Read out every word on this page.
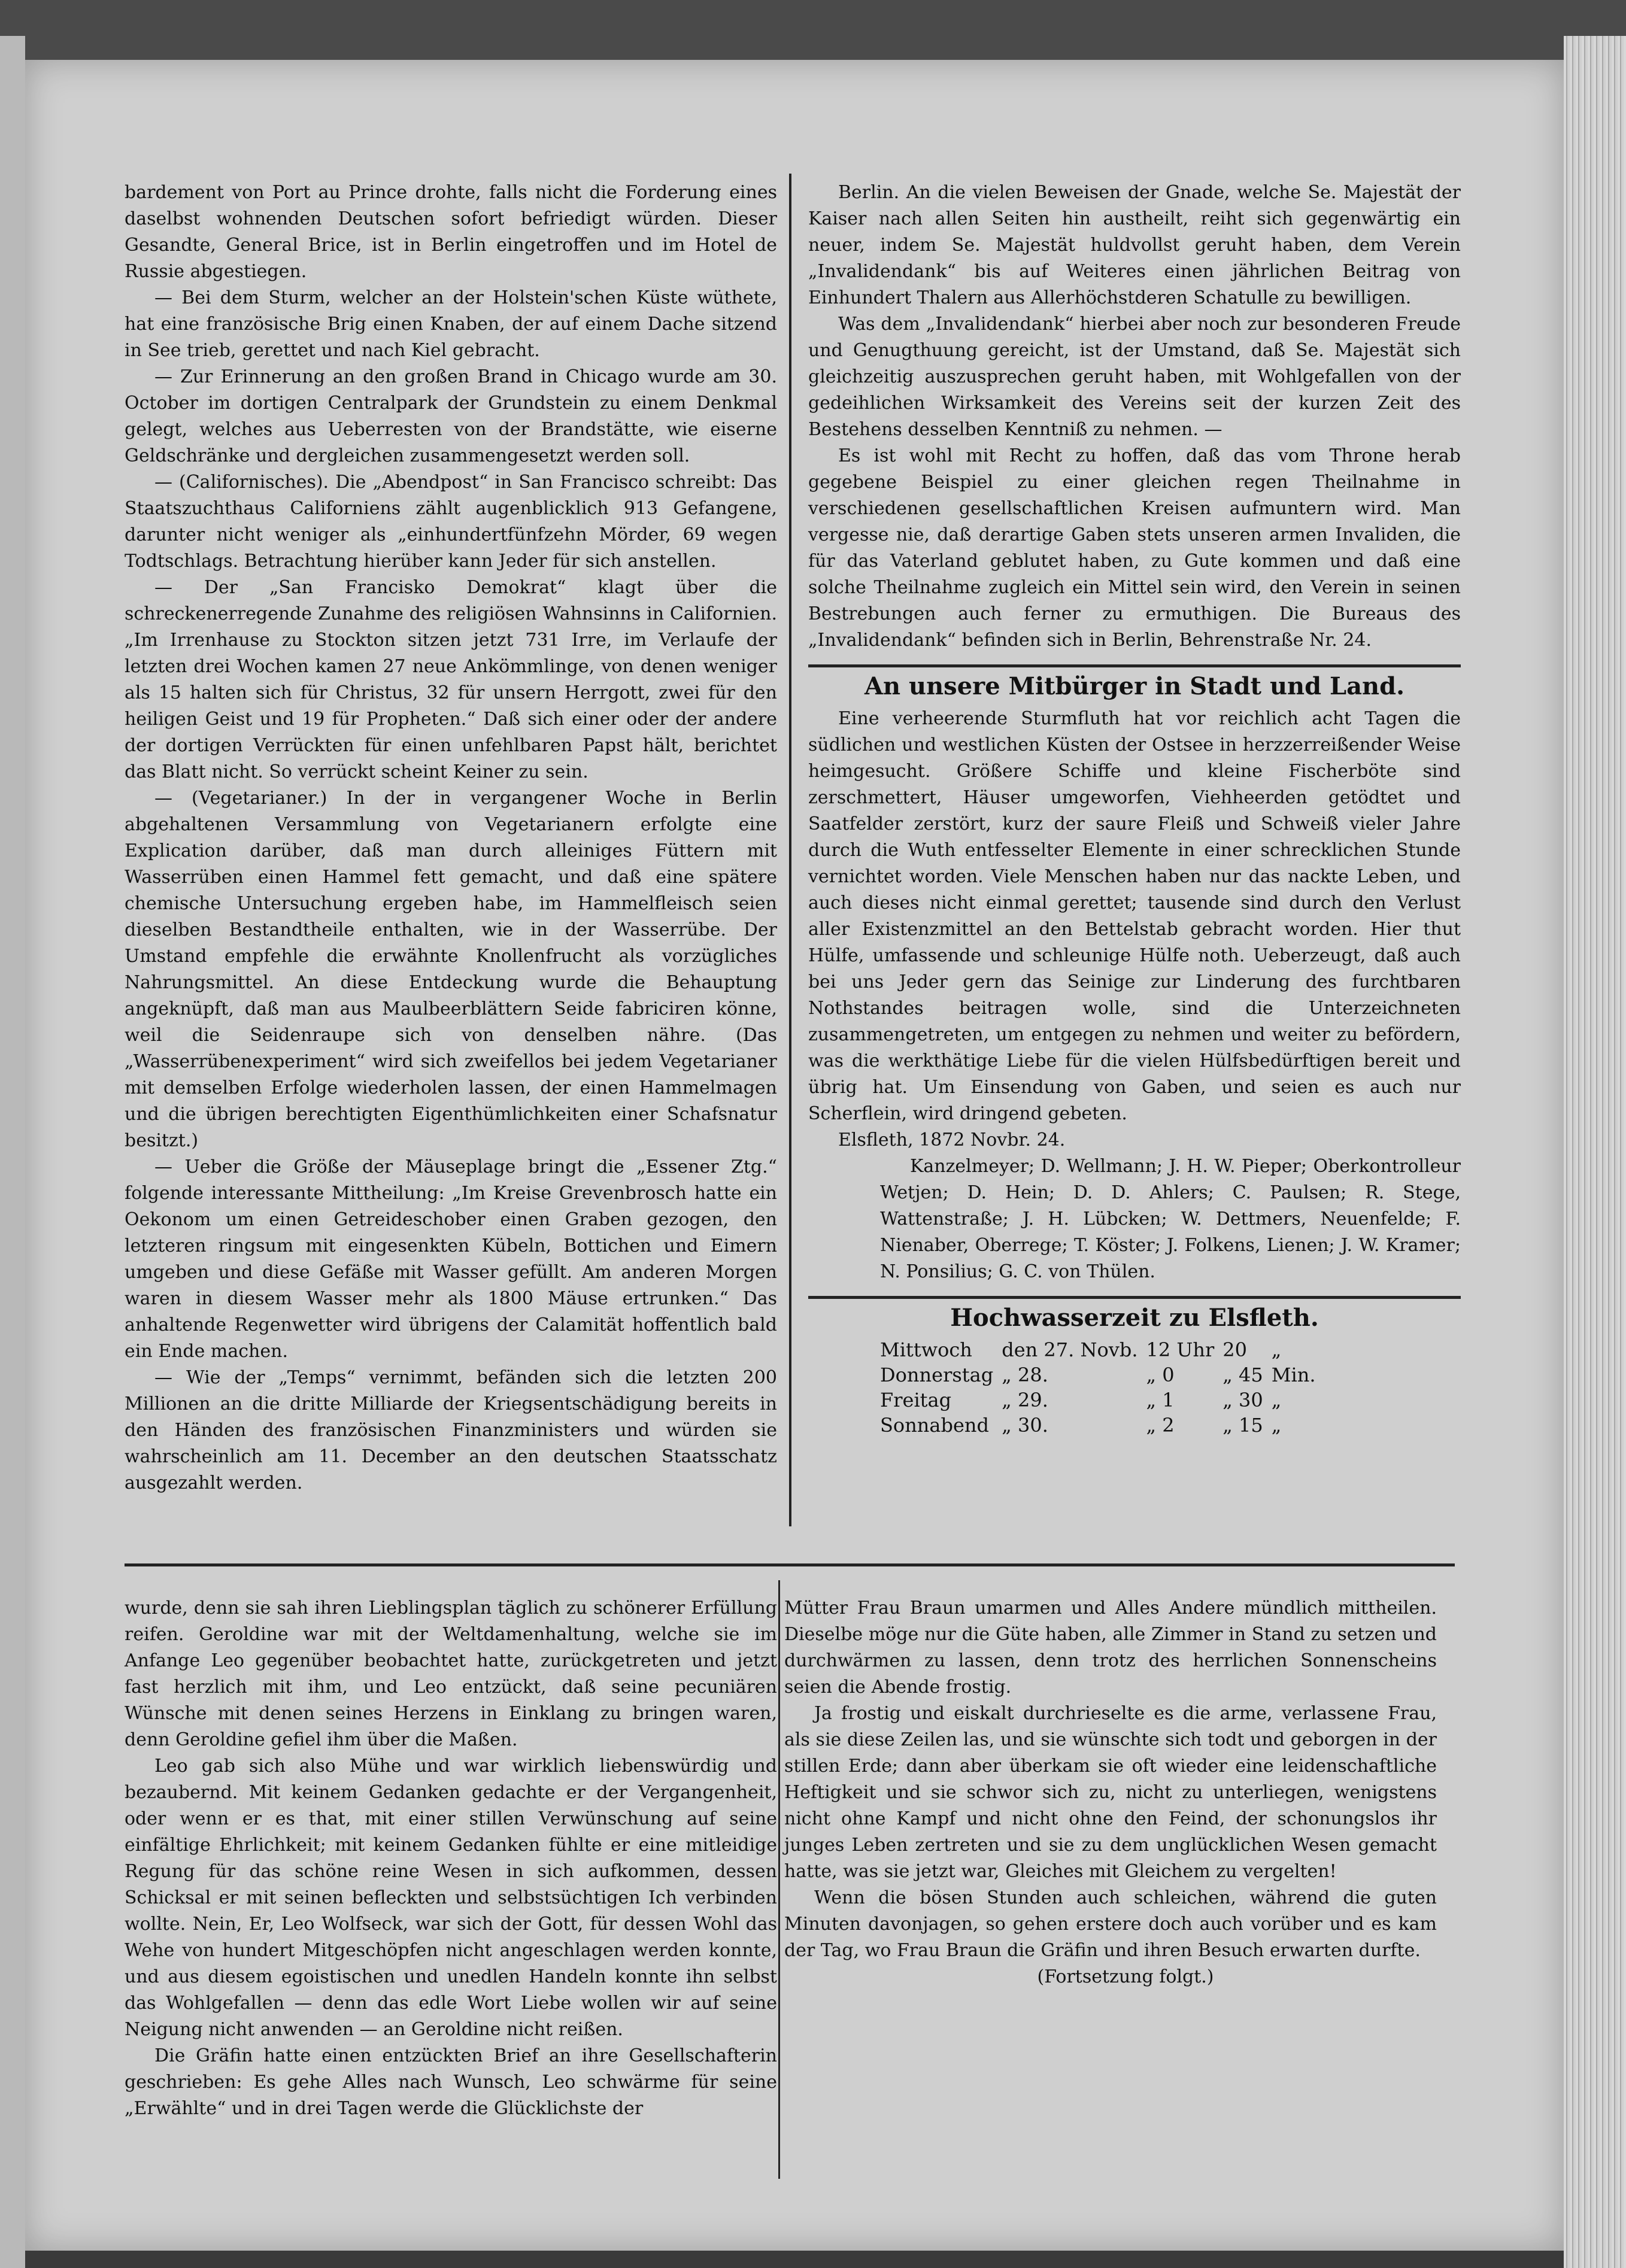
bardement von Port au Prince drohte, falls nicht die Forderung eines daselbst wohnenden Deutschen sofort befriedigt würden. Dieser Gesandte, General Brice, ist in Berlin eingetroffen und im Hotel de Russie abgestiegen.

— Bei dem Sturm, welcher an der Holstein'schen Küste wüthete, hat eine französische Brig einen Knaben, der auf einem Dache sitzend in See trieb, gerettet und nach Kiel gebracht.

— Zur Erinnerung an den großen Brand in Chicago wurde am 30. October im dortigen Centralpark der Grundstein zu einem Denkmal gelegt, welches aus Ueberresten von der Brandstätte, wie eiserne Geldschränke und dergleichen zusammengesetzt werden soll.

— (Californisches). Die „Abendpost“ in San Francisco schreibt: Das Staatszuchthaus Californiens zählt augenblicklich 913 Gefangene, darunter nicht weniger als „einhundertfünfzehn Mörder, 69 wegen Todtschlags. Betrachtung hierüber kann Jeder für sich anstellen.

— Der „San Francisko Demokrat“ klagt über die schreckenerregende Zunahme des religiösen Wahnsinns in Californien. „Im Irrenhause zu Stockton sitzen jetzt 731 Irre, im Verlaufe der letzten drei Wochen kamen 27 neue Ankömmlinge, von denen weniger als 15 halten sich für Christus, 32 für unsern Herrgott, zwei für den heiligen Geist und 19 für Propheten.“ Daß sich einer oder der andere der dortigen Verrückten für einen unfehlbaren Papst hält, berichtet das Blatt nicht. So verrückt scheint Keiner zu sein.

— (Vegetarianer.) In der in vergangener Woche in Berlin abgehaltenen Versammlung von Vegetarianern erfolgte eine Explication darüber, daß man durch alleiniges Füttern mit Wasserrüben einen Hammel fett gemacht, und daß eine spätere chemische Untersuchung ergeben habe, im Hammelfleisch seien dieselben Bestandtheile enthalten, wie in der Wasserrübe. Der Umstand empfehle die erwähnte Knollenfrucht als vorzügliches Nahrungsmittel. An diese Entdeckung wurde die Behauptung angeknüpft, daß man aus Maulbeerblättern Seide fabriciren könne, weil die Seidenraupe sich von denselben nähre. (Das „Wasserrübenexperiment“ wird sich zweifellos bei jedem Vegetarianer mit demselben Erfolge wiederholen lassen, der einen Hammelmagen und die übrigen berechtigten Eigenthümlichkeiten einer Schafsnatur besitzt.)

— Ueber die Größe der Mäuseplage bringt die „Essener Ztg.“ folgende interessante Mittheilung: „Im Kreise Grevenbrosch hatte ein Oekonom um einen Getreideschober einen Graben gezogen, den letzteren ringsum mit eingesenkten Kübeln, Bottichen und Eimern umgeben und diese Gefäße mit Wasser gefüllt. Am anderen Morgen waren in diesem Wasser mehr als 1800 Mäuse ertrunken.“ Das anhaltende Regenwetter wird übrigens der Calamität hoffentlich bald ein Ende machen.

— Wie der „Temps“ vernimmt, befänden sich die letzten 200 Millionen an die dritte Milliarde der Kriegsentschädigung bereits in den Händen des französischen Finanzministers und würden sie wahrscheinlich am 11. December an den deutschen Staatsschatz ausgezahlt werden.

Berlin. An die vielen Beweisen der Gnade, welche Se. Majestät der Kaiser nach allen Seiten hin austheilt, reiht sich gegenwärtig ein neuer, indem Se. Majestät huldvollst geruht haben, dem Verein „Invalidendank“ bis auf Weiteres einen jährlichen Beitrag von Einhundert Thalern aus Allerhöchstderen Schatulle zu bewilligen.

Was dem „Invalidendank“ hierbei aber noch zur besonderen Freude und Genugthuung gereicht, ist der Umstand, daß Se. Majestät sich gleichzeitig auszusprechen geruht haben, mit Wohlgefallen von der gedeihlichen Wirksamkeit des Vereins seit der kurzen Zeit des Bestehens desselben Kenntniß zu nehmen. —

Es ist wohl mit Recht zu hoffen, daß das vom Throne herab gegebene Beispiel zu einer gleichen regen Theilnahme in verschiedenen gesellschaftlichen Kreisen aufmuntern wird. Man vergesse nie, daß derartige Gaben stets unseren armen Invaliden, die für das Vaterland geblutet haben, zu Gute kommen und daß eine solche Theilnahme zugleich ein Mittel sein wird, den Verein in seinen Bestrebungen auch ferner zu ermuthigen. Die Bureaus des „Invalidendank“ befinden sich in Berlin, Behrenstraße Nr. 24.

An unsere Mitbürger in Stadt und Land.

Eine verheerende Sturmfluth hat vor reichlich acht Tagen die südlichen und westlichen Küsten der Ostsee in herzzerreißender Weise heimgesucht. Größere Schiffe und kleine Fischerböte sind zerschmettert, Häuser umgeworfen, Viehheerden getödtet und Saatfelder zerstört, kurz der saure Fleiß und Schweiß vieler Jahre durch die Wuth entfesselter Elemente in einer schrecklichen Stunde vernichtet worden. Viele Menschen haben nur das nackte Leben, und auch dieses nicht einmal gerettet; tausende sind durch den Verlust aller Existenzmittel an den Bettelstab gebracht worden. Hier thut Hülfe, umfassende und schleunige Hülfe noth. Ueberzeugt, daß auch bei uns Jeder gern das Seinige zur Linderung des furchtbaren Nothstandes beitragen wolle, sind die Unterzeichneten zusammengetreten, um entgegen zu nehmen und weiter zu befördern, was die werkthätige Liebe für die vielen Hülfsbedürftigen bereit und übrig hat. Um Einsendung von Gaben, und seien es auch nur Scherflein, wird dringend gebeten.

Elsfleth, 1872 Novbr. 24.

Kanzelmeyer; D. Wellmann; J. H. W. Pieper; Oberkontrolleur Wetjen; D. Hein; D. D. Ahlers; C. Paulsen; R. Stege, Wattenstraße; J. H. Lübcken; W. Dettmers, Neuenfelde; F. Nienaber, Oberrege; T. Köster; J. Folkens, Lienen; J. W. Kramer; N. Ponsilius; G. C. von Thülen.

Hochwasserzeit zu Elsfleth.
Mittwoch	den 27. Novb.	12 Uhr	20	„
Donnerstag	„ 28.	„ 0	„ 45	Min.
Freitag	„ 29.	„ 1	„ 30	„
Sonnabend	„ 30.	„ 2	„ 15	„

wurde, denn sie sah ihren Lieblingsplan täglich zu schönerer Erfüllung reifen. Geroldine war mit der Weltdamenhaltung, welche sie im Anfange Leo gegenüber beobachtet hatte, zurückgetreten und jetzt fast herzlich mit ihm, und Leo entzückt, daß seine pecuniären Wünsche mit denen seines Herzens in Einklang zu bringen waren, denn Geroldine gefiel ihm über die Maßen.

Leo gab sich also Mühe und war wirklich liebenswürdig und bezaubernd. Mit keinem Gedanken gedachte er der Vergangenheit, oder wenn er es that, mit einer stillen Verwünschung auf seine einfältige Ehrlichkeit; mit keinem Gedanken fühlte er eine mitleidige Regung für das schöne reine Wesen in sich aufkommen, dessen Schicksal er mit seinen befleckten und selbstsüchtigen Ich verbinden wollte. Nein, Er, Leo Wolfseck, war sich der Gott, für dessen Wohl das Wehe von hundert Mitgeschöpfen nicht angeschlagen werden konnte, und aus diesem egoistischen und unedlen Handeln konnte ihn selbst das Wohlgefallen — denn das edle Wort Liebe wollen wir auf seine Neigung nicht anwenden — an Geroldine nicht reißen.

Die Gräfin hatte einen entzückten Brief an ihre Gesellschafterin geschrieben: Es gehe Alles nach Wunsch, Leo schwärme für seine „Erwählte“ und in drei Tagen werde die Glücklichste der

Mütter Frau Braun umarmen und Alles Andere mündlich mittheilen. Dieselbe möge nur die Güte haben, alle Zimmer in Stand zu setzen und durchwärmen zu lassen, denn trotz des herrlichen Sonnenscheins seien die Abende frostig.

Ja frostig und eiskalt durchrieselte es die arme, verlassene Frau, als sie diese Zeilen las, und sie wünschte sich todt und geborgen in der stillen Erde; dann aber überkam sie oft wieder eine leidenschaftliche Heftigkeit und sie schwor sich zu, nicht zu unterliegen, wenigstens nicht ohne Kampf und nicht ohne den Feind, der schonungslos ihr junges Leben zertreten und sie zu dem unglücklichen Wesen gemacht hatte, was sie jetzt war, Gleiches mit Gleichem zu vergelten!

Wenn die bösen Stunden auch schleichen, während die guten Minuten davonjagen, so gehen erstere doch auch vorüber und es kam der Tag, wo Frau Braun die Gräfin und ihren Besuch erwarten durfte.

(Fortsetzung folgt.)
